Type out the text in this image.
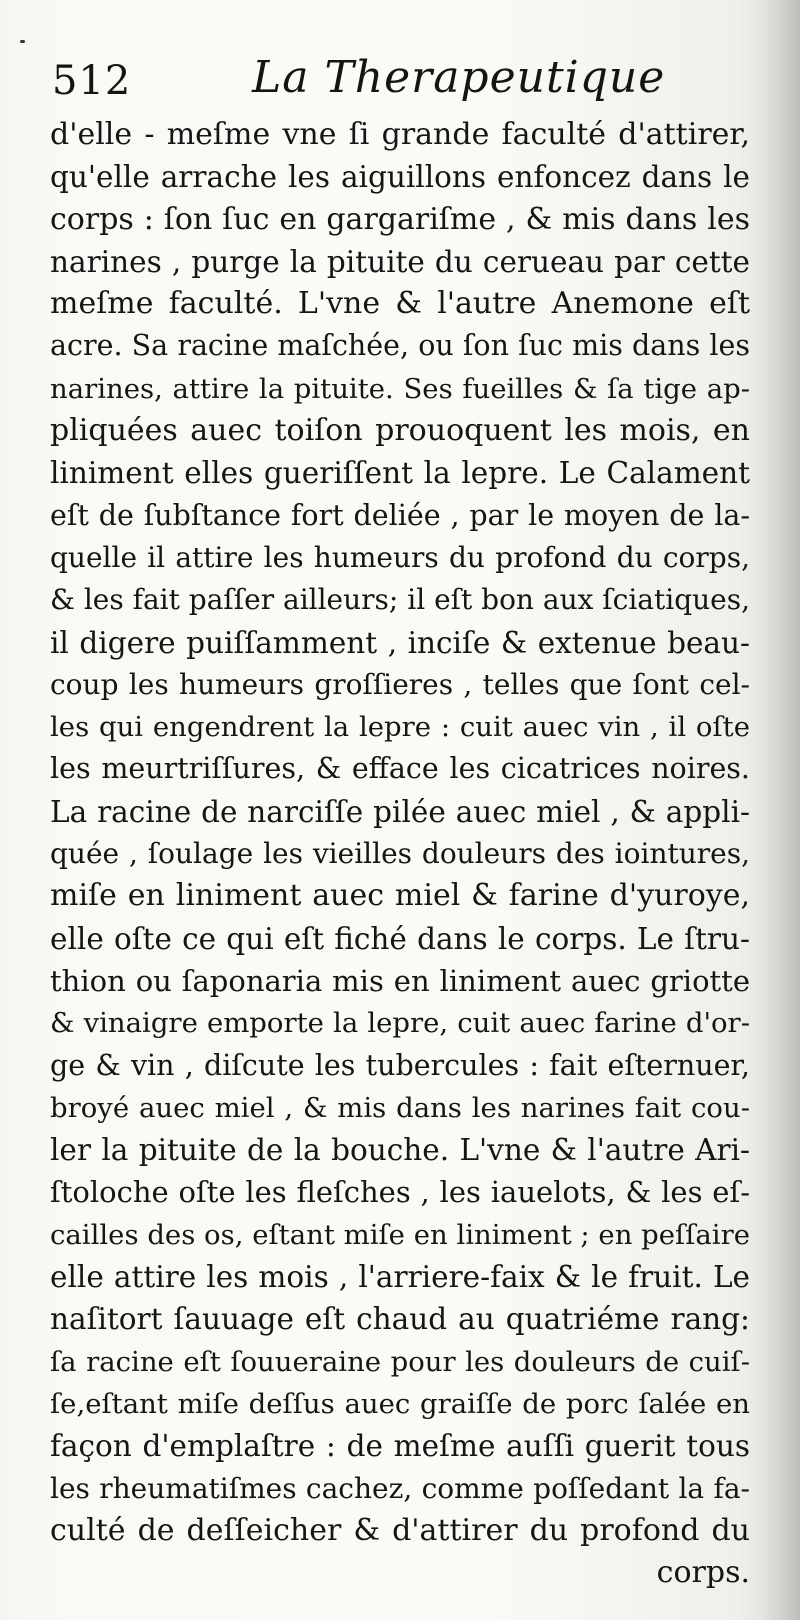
512	La Therapeutique
d'elle - meſme vne ſi grande faculté d'attirer,
qu'elle arrache les aiguillons enfoncez dans le
corps : ſon ſuc en gargariſme , & mis dans les
narines , purge la pituite du cerueau par cette
meſme faculté. L'vne & l'autre Anemone eſt
acre. Sa racine maſchée, ou ſon ſuc mis dans les
narines, attire la pituite. Ses fueilles & ſa tige ap-
pliquées auec toiſon prouoquent les mois, en
liniment elles gueriſſent la lepre. Le Calament
eſt de ſubſtance fort deliée , par le moyen de la-
quelle il attire les humeurs du profond du corps,
& les fait paſſer ailleurs; il eſt bon aux ſciatiques,
il digere puiſſamment , inciſe & extenue beau-
coup les humeurs groſſieres , telles que ſont cel-
les qui engendrent la lepre : cuit auec vin , il oſte
les meurtriſſures, & efface les cicatrices noires.
La racine de narciſſe pilée auec miel , & appli-
quée , ſoulage les vieilles douleurs des iointures,
miſe en liniment auec miel & farine d'yuroye,
elle oſte ce qui eſt fiché dans le corps. Le ſtru-
thion ou ſaponaria mis en liniment auec griotte
& vinaigre emporte la lepre, cuit auec farine d'or-
ge & vin , diſcute les tubercules : fait eſternuer,
broyé auec miel , & mis dans les narines fait cou-
ler la pituite de la bouche. L'vne & l'autre Ari-
ſtoloche oſte les fleſches , les iauelots, & les eſ-
cailles des os, eſtant miſe en liniment ; en peſſaire
elle attire les mois , l'arriere-faix & le fruit. Le
naſitort ſauuage eſt chaud au quatriéme rang:
ſa racine eſt ſouueraine pour les douleurs de cuiſ-
ſe,eſtant miſe deſſus auec graiſſe de porc ſalée en
façon d'emplaſtre : de meſme auſſi guerit tous
les rheumatiſmes cachez, comme poſſedant la fa-
culté de deſſeicher & d'attirer du profond du
corps.
